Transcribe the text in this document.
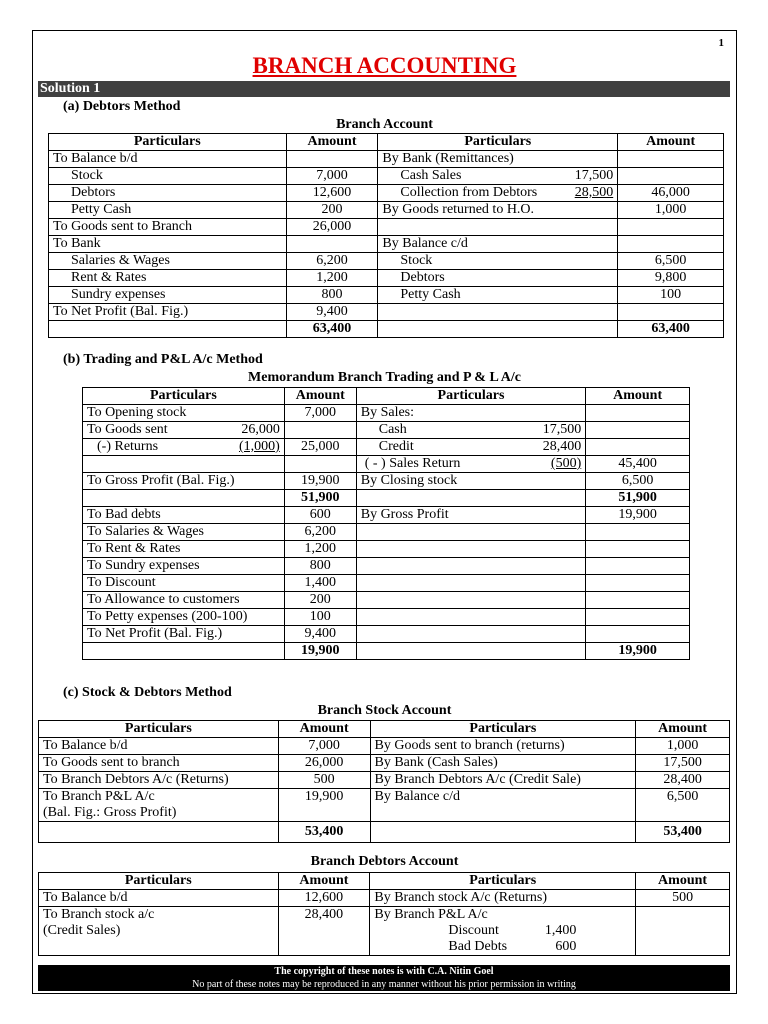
1
BRANCH ACCOUNTING
Solution 1
(a) Debtors Method
Branch Account
Particulars	Amount	Particulars	Amount
To Balance b/d		By Bank (Remittances)	
Stock	7,000	Cash Sales 17,500	

Debtors	12,600	Collection from Debtors 28,500	46,000
Petty Cash	200	By Goods returned to H.O.	1,000
To Goods sent to Branch	26,000		
To Bank		By Balance c/d	
Salaries & Wages	6,200	Stock	6,500
Rent & Rates	1,200	Debtors	9,800
Sundry expenses	800	Petty Cash	100
To Net Profit (Bal. Fig.)	9,400		
	63,400		63,400
(b) Trading and P&L A/c Method
Memorandum Branch Trading and P & L A/c
Particulars	Amount	Particulars	Amount
To Opening stock	7,000	By Sales:	

To Goods sent 26,000		Cash 17,500	

(-) Returns (1,000)	25,000	Credit 28,400	

		( - ) Sales Return (500)	45,400
To Gross Profit (Bal. Fig.)	19,900	By Closing stock	6,500
	51,900		51,900
To Bad debts	600	By Gross Profit	19,900
To Salaries & Wages	6,200		
To Rent & Rates	1,200		
To Sundry expenses	800		
To Discount	1,400		
To Allowance to customers	200		
To Petty expenses (200-100)	100		
To Net Profit (Bal. Fig.)	9,400		
	19,900		19,900
(c) Stock & Debtors Method
Branch Stock Account
Particulars	Amount	Particulars	Amount
To Balance b/d	7,000	By Goods sent to branch (returns)	1,000
To Goods sent to branch	26,000	By Bank (Cash Sales)	17,500
To Branch Debtors A/c (Returns)	500	By Branch Debtors A/c (Credit Sale)	28,400
To Branch P&L A/c	19,900	By Balance c/d	6,500
(Bal. Fig.: Gross Profit)			
	53,400		53,400
Branch Debtors Account
Particulars	Amount	Particulars	Amount
To Balance b/d	12,600	By Branch stock A/c (Returns)	500
To Branch stock a/c	28,400	By Branch P&L A/c	
(Credit Sales)		Discount 1,400	

		Bad Debts 600	

The copyright of these notes is with C.A. Nitin Goel
No part of these notes may be reproduced in any manner without his prior permission in writing
